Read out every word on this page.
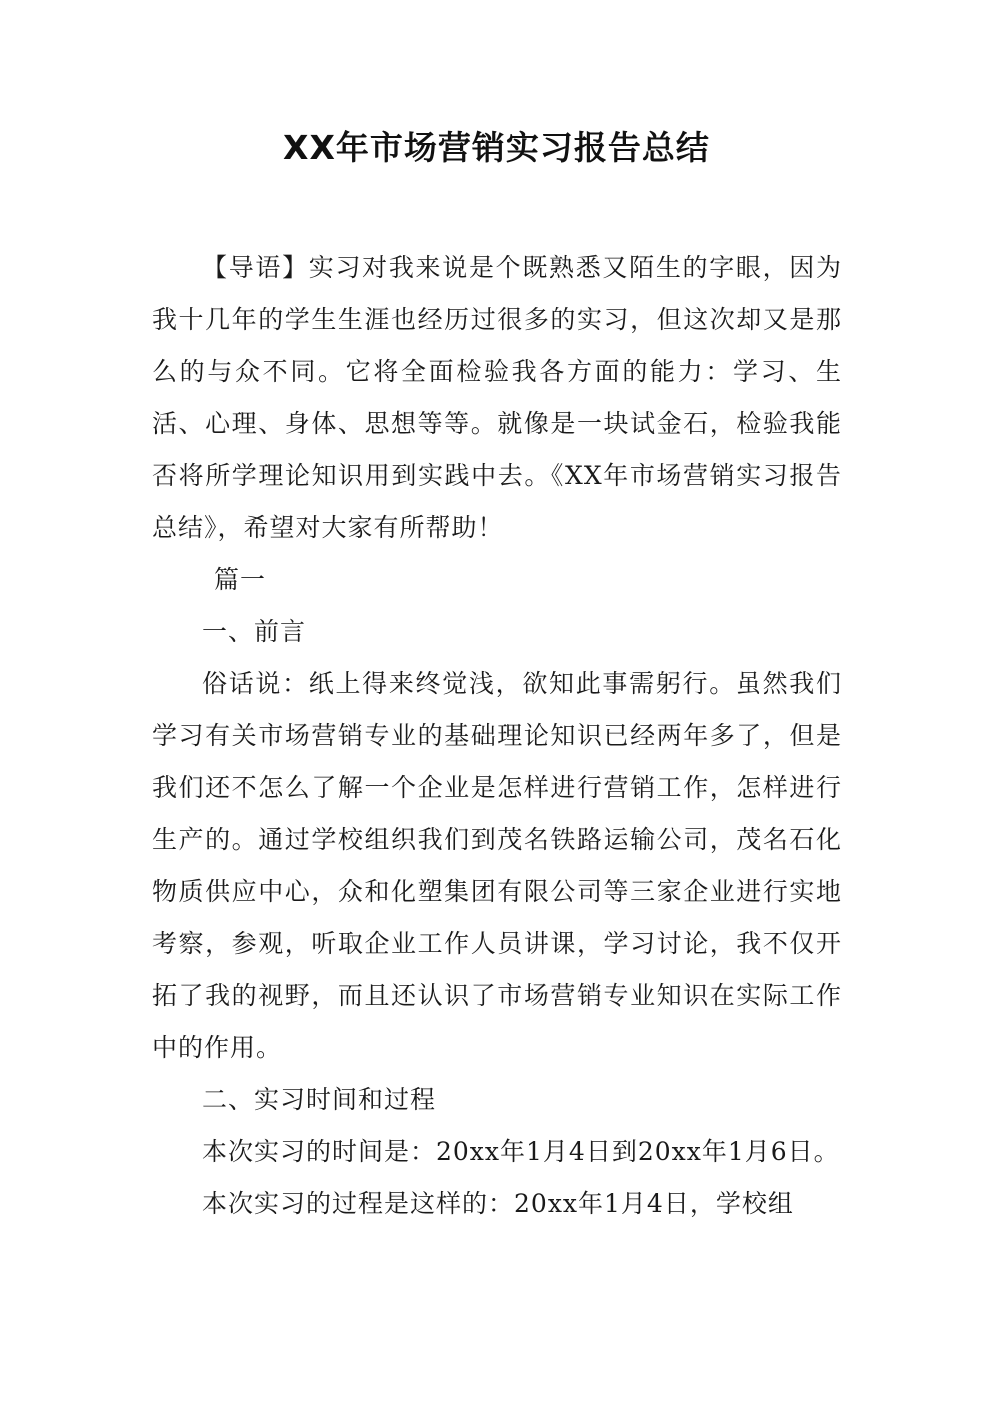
XX年市场营销实习报告总结

【导语】实习对我来说是个既熟悉又陌生的字眼，因为我十几年的学生生涯也经历过很多的实习，但这次却又是那么的与众不同。它将全面检验我各方面的能力：学习、生活、心理、身体、思想等等。就像是一块试金石，检验我能否将所学理论知识用到实践中去。《XX年市场营销实习报告总结》，希望对大家有所帮助！

篇一

一、前言

俗话说：纸上得来终觉浅，欲知此事需躬行。虽然我们学习有关市场营销专业的基础理论知识已经两年多了，但是我们还不怎么了解一个企业是怎样进行营销工作，怎样进行生产的。通过学校组织我们到茂名铁路运输公司，茂名石化物质供应中心，众和化塑集团有限公司等三家企业进行实地考察，参观，听取企业工作人员讲课，学习讨论，我不仅开拓了我的视野，而且还认识了市场营销专业知识在实际工作中的作用。

二、实习时间和过程

本次实习的时间是：20xx年1月4日到20xx年1月6日。

本次实习的过程是这样的：20xx年1月4日，学校组
